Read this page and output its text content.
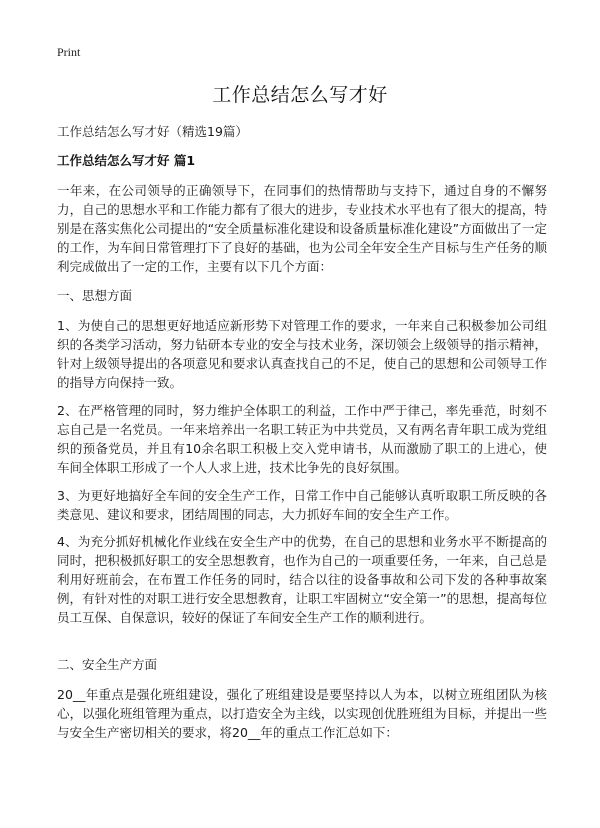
Print
工作总结怎么写才好
工作总结怎么写才好（精选19篇）
工作总结怎么写才好 篇1
一年来，在公司领导的正确领导下，在同事们的热情帮助与支持下，通过自身的不懈努力，自己的思想水平和工作能力都有了很大的进步，专业技术水平也有了很大的提高，特别是在落实焦化公司提出的“安全质量标准化建设和设备质量标准化建设”方面做出了一定的工作，为车间日常管理打下了良好的基础，也为公司全年安全生产目标与生产任务的顺利完成做出了一定的工作，主要有以下几个方面：
一、思想方面
1、为使自己的思想更好地适应新形势下对管理工作的要求，一年来自己积极参加公司组织的各类学习活动，努力钻研本专业的安全与技术业务，深切领会上级领导的指示精神，针对上级领导提出的各项意见和要求认真查找自己的不足，使自己的思想和公司领导工作的指导方向保持一致。
2、在严格管理的同时，努力维护全体职工的利益，工作中严于律己，率先垂范，时刻不忘自己是一名党员。一年来培养出一名职工转正为中共党员，又有两名青年职工成为党组织的预备党员，并且有10余名职工积极上交入党申请书，从而激励了职工的上进心，使车间全体职工形成了一个人人求上进，技术比争先的良好氛围。
3、为更好地搞好全车间的安全生产工作，日常工作中自己能够认真听取职工所反映的各类意见、建议和要求，团结周围的同志，大力抓好车间的安全生产工作。
4、为充分抓好机械化作业线在安全生产中的优势，在自己的思想和业务水平不断提高的同时，把积极抓好职工的安全思想教育，也作为自己的一项重要任务，一年来，自己总是利用好班前会，在布置工作任务的同时，结合以往的设备事故和公司下发的各种事故案例，有针对性的对职工进行安全思想教育，让职工牢固树立“安全第一”的思想，提高每位员工互保、自保意识，较好的保证了车间安全生产工作的顺利进行。
二、安全生产方面
20__年重点是强化班组建设，强化了班组建设是要坚持以人为本，以树立班组团队为核心，以强化班组管理为重点，以打造安全为主线，以实现创优胜班组为目标，并提出一些与安全生产密切相关的要求，将20__年的重点工作汇总如下：
